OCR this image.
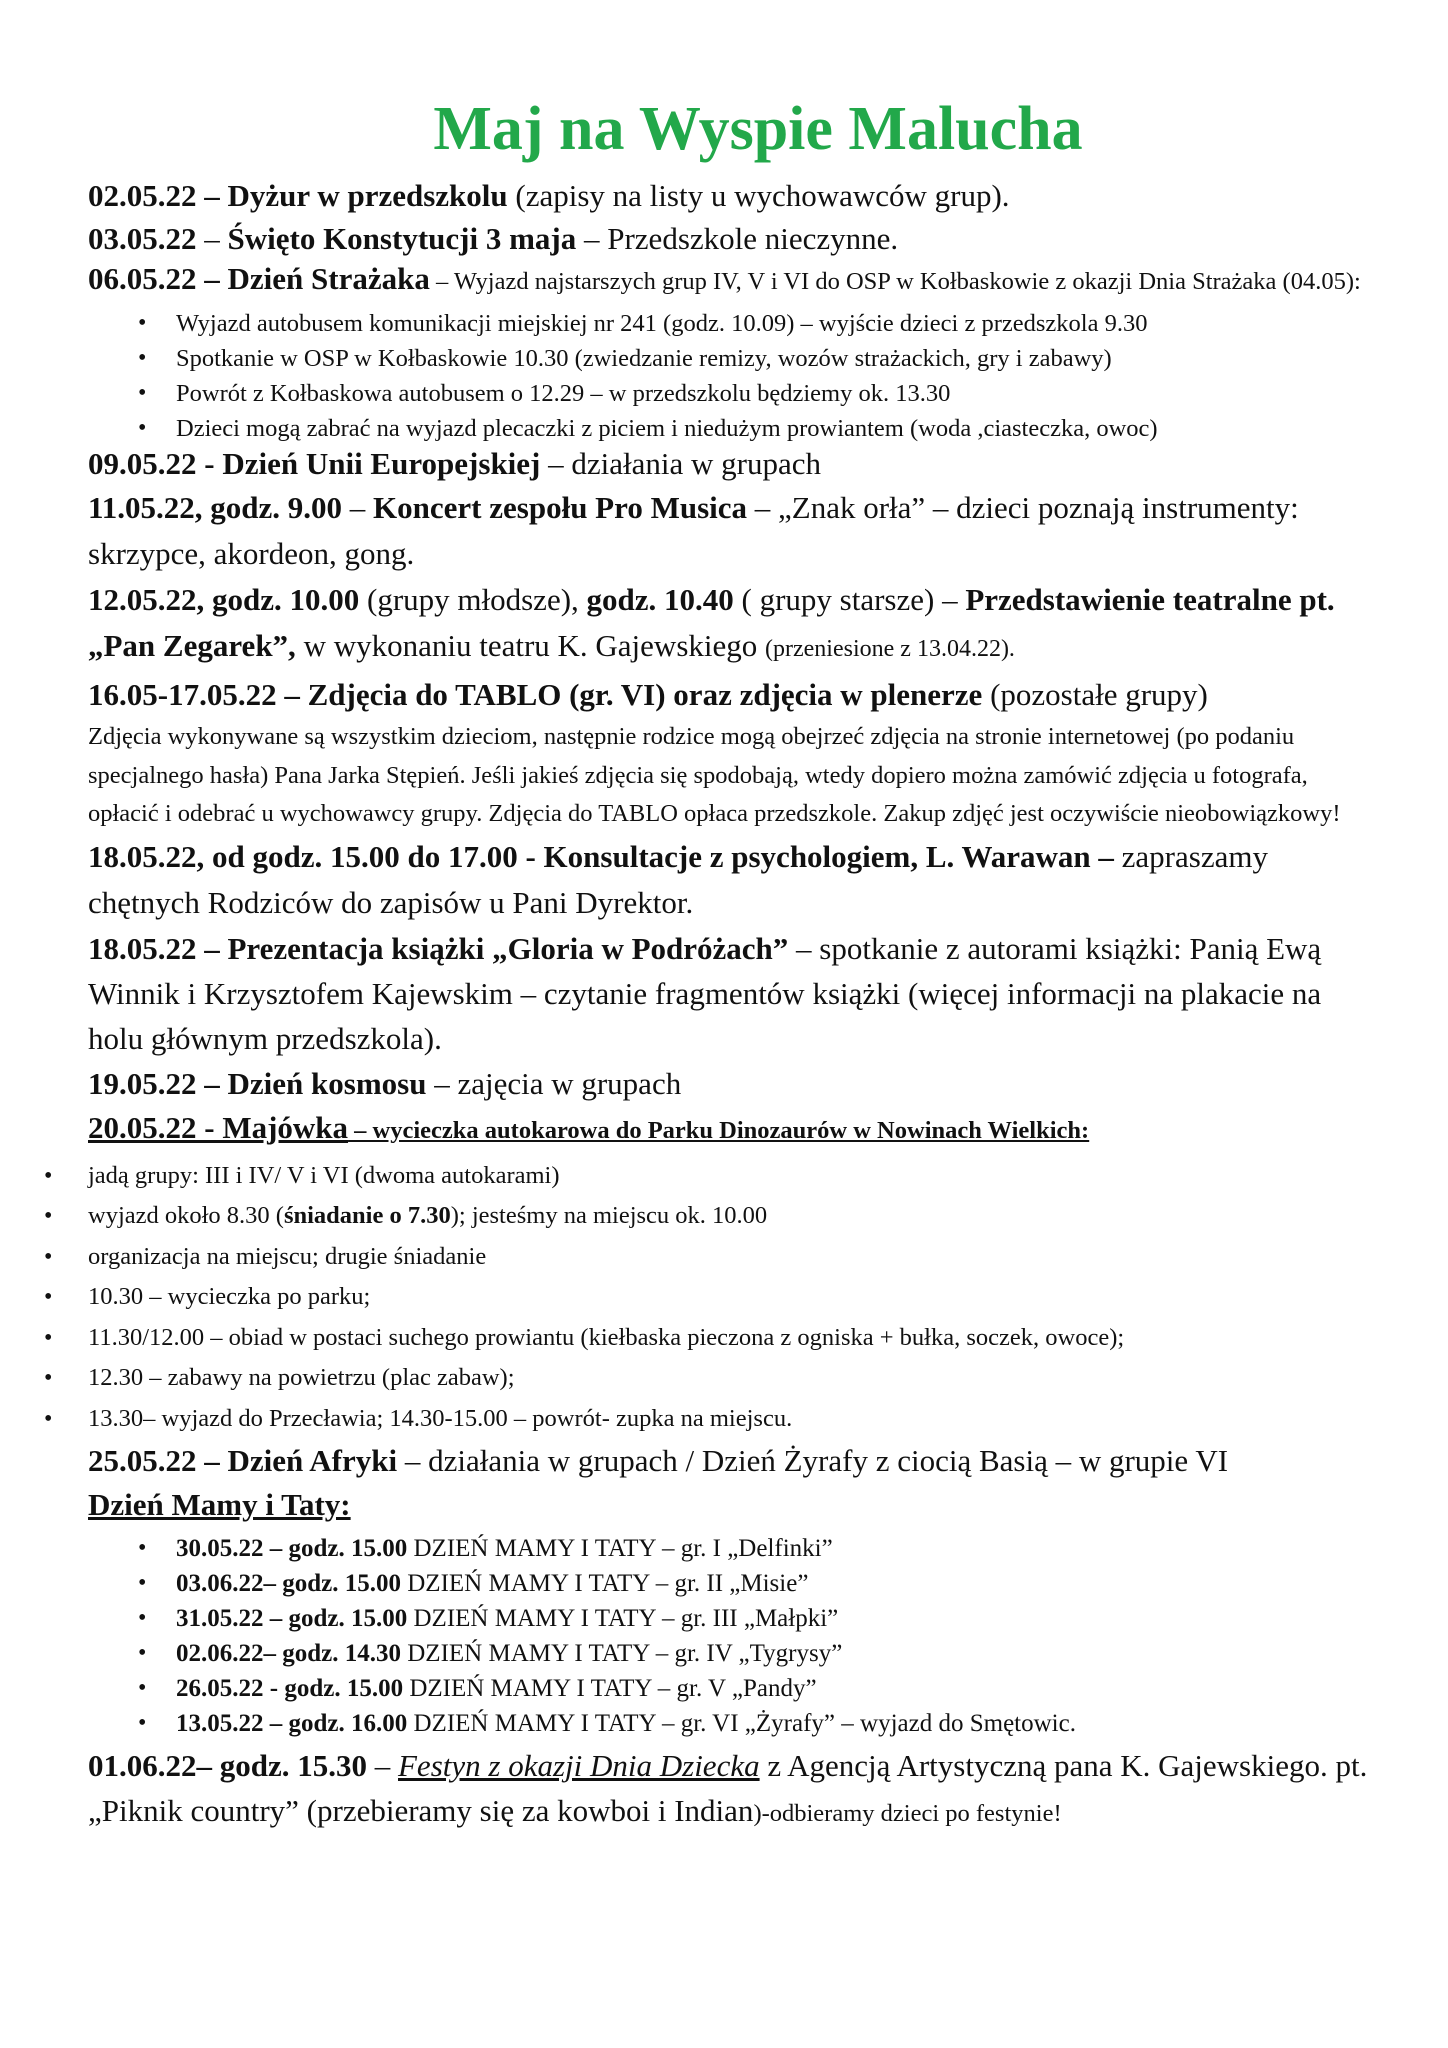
Maj na Wyspie Malucha

02.05.22 – Dyżur w przedszkolu (zapisy na listy u wychowawców grup).

03.05.22 – Święto Konstytucji 3 maja – Przedszkole nieczynne.

06.05.22 – Dzień Strażaka – Wyjazd najstarszych grup IV, V i VI do OSP w Kołbaskowie z okazji Dnia Strażaka (04.05):

• Wyjazd autobusem komunikacji miejskiej nr 241 (godz. 10.09) – wyjście dzieci z przedszkola 9.30
• Spotkanie w OSP w Kołbaskowie 10.30 (zwiedzanie remizy, wozów strażackich, gry i zabawy)
• Powrót z Kołbaskowa autobusem o 12.29 – w przedszkolu będziemy ok. 13.30
• Dzieci mogą zabrać na wyjazd plecaczki z piciem i niedużym prowiantem (woda ,ciasteczka, owoc)

09.05.22 - Dzień Unii Europejskiej – działania w grupach

11.05.22, godz. 9.00 – Koncert zespołu Pro Musica – „Znak orła” – dzieci poznają instrumenty: skrzypce, akordeon, gong.

12.05.22, godz. 10.00 (grupy młodsze), godz. 10.40 ( grupy starsze) – Przedstawienie teatralne pt. „Pan Zegarek”, w wykonaniu teatru K. Gajewskiego (przeniesione z 13.04.22).

16.05-17.05.22 – Zdjęcia do TABLO (gr. VI) oraz zdjęcia w plenerze (pozostałe grupy)

Zdjęcia wykonywane są wszystkim dzieciom, następnie rodzice mogą obejrzeć zdjęcia na stronie internetowej (po podaniu specjalnego hasła) Pana Jarka Stępień. Jeśli jakieś zdjęcia się spodobają, wtedy dopiero można zamówić zdjęcia u fotografa, opłacić i odebrać u wychowawcy grupy. Zdjęcia do TABLO opłaca przedszkole. Zakup zdjęć jest oczywiście nieobowiązkowy!

18.05.22, od godz. 15.00 do 17.00 - Konsultacje z psychologiem, L. Warawan – zapraszamy chętnych Rodziców do zapisów u Pani Dyrektor.

18.05.22 – Prezentacja książki „Gloria w Podróżach” – spotkanie z autorami książki: Panią Ewą Winnik i Krzysztofem Kajewskim – czytanie fragmentów książki (więcej informacji na plakacie na holu głównym przedszkola).

19.05.22 – Dzień kosmosu – zajęcia w grupach

20.05.22 - Majówka – wycieczka autokarowa do Parku Dinozaurów w Nowinach Wielkich:

• jadą grupy: III i IV/ V i VI (dwoma autokarami)
• wyjazd około 8.30 (śniadanie o 7.30); jesteśmy na miejscu ok. 10.00
• organizacja na miejscu; drugie śniadanie
• 10.30 – wycieczka po parku;
• 11.30/12.00 – obiad w postaci suchego prowiantu (kiełbaska pieczona z ogniska + bułka, soczek, owoce);
• 12.30 – zabawy na powietrzu (plac zabaw);
• 13.30– wyjazd do Przecławia; 14.30-15.00 – powrót- zupka na miejscu.

25.05.22 – Dzień Afryki – działania w grupach / Dzień Żyrafy z ciocią Basią – w grupie VI

Dzień Mamy i Taty:

• 30.05.22 – godz. 15.00 DZIEŃ MAMY I TATY – gr. I „Delfinki”
• 03.06.22– godz. 15.00 DZIEŃ MAMY I TATY – gr. II „Misie”
• 31.05.22 – godz. 15.00 DZIEŃ MAMY I TATY – gr. III „Małpki”
• 02.06.22– godz. 14.30 DZIEŃ MAMY I TATY – gr. IV „Tygrysy”
• 26.05.22 - godz. 15.00 DZIEŃ MAMY I TATY – gr. V „Pandy”
• 13.05.22 – godz. 16.00 DZIEŃ MAMY I TATY – gr. VI „Żyrafy” – wyjazd do Smętowic.

01.06.22– godz. 15.30 – Festyn z okazji Dnia Dziecka z Agencją Artystyczną pana K. Gajewskiego. pt. „Piknik country” (przebieramy się za kowboi i Indian)-odbieramy dzieci po festynie!
